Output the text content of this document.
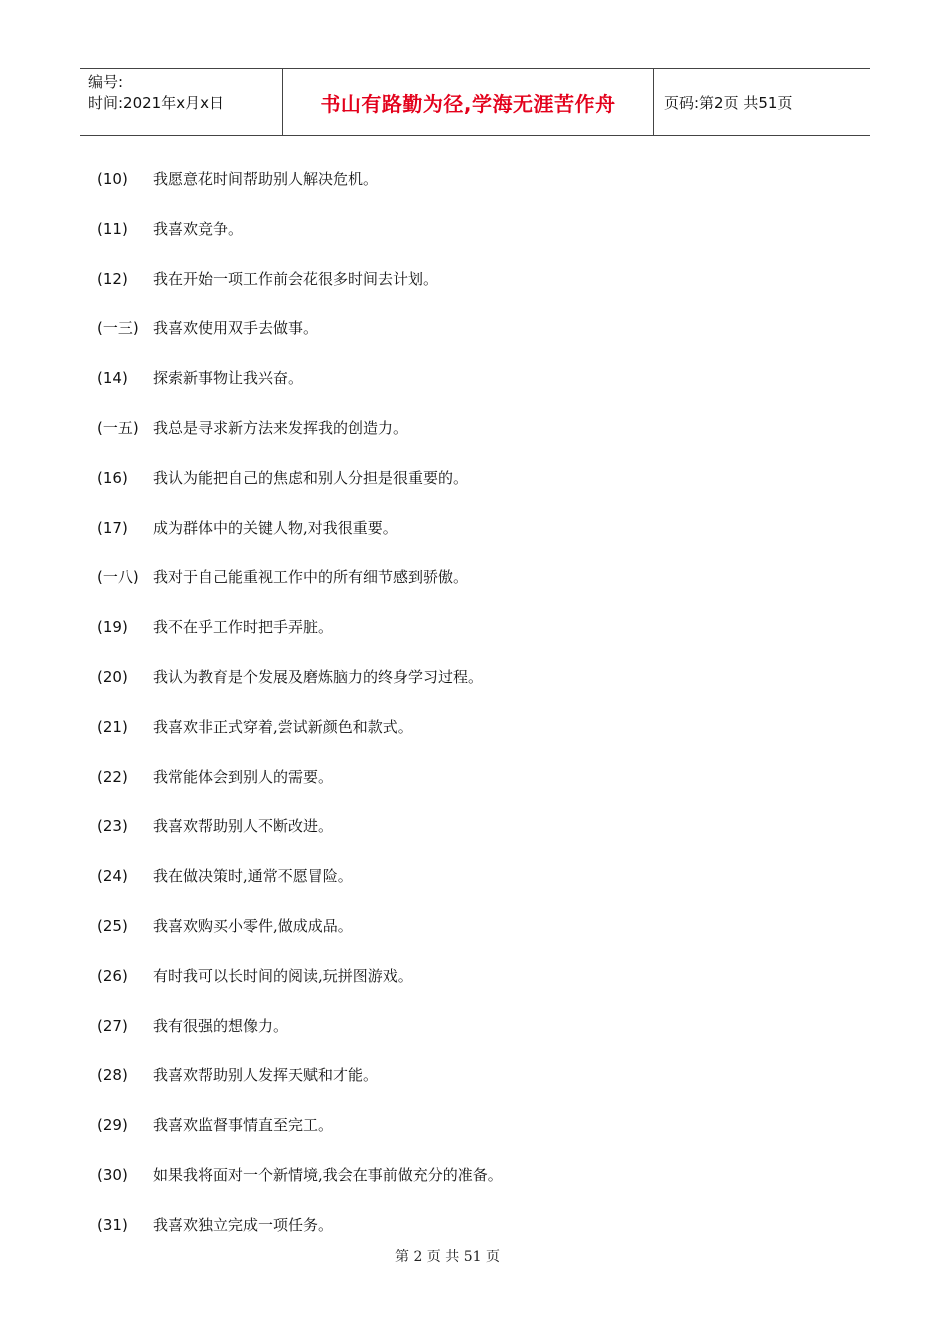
编号:
时间:2021年x月x日	书山有路勤为径,学海无涯苦作舟	页码:第2页 共51页
(10)	我愿意花时间帮助别人解决危机。
(11)	我喜欢竞争。
(12)	我在开始一项工作前会花很多时间去计划。
(一三) 我喜欢使用双手去做事。
(14)	探索新事物让我兴奋。
(一五) 我总是寻求新方法来发挥我的创造力。
(16)	我认为能把自己的焦虑和别人分担是很重要的。
(17)	成为群体中的关键人物,对我很重要。
(一八) 我对于自己能重视工作中的所有细节感到骄傲。
(19)	我不在乎工作时把手弄脏。
(20)	我认为教育是个发展及磨炼脑力的终身学习过程。
(21)	我喜欢非正式穿着,尝试新颜色和款式。
(22)	我常能体会到别人的需要。
(23)	我喜欢帮助别人不断改进。
(24)	我在做决策时,通常不愿冒险。
(25)	我喜欢购买小零件,做成成品。
(26)	有时我可以长时间的阅读,玩拼图游戏。
(27)	我有很强的想像力。
(28)	我喜欢帮助别人发挥天赋和才能。
(29)	我喜欢监督事情直至完工。
(30)	如果我将面对一个新情境,我会在事前做充分的准备。
(31)	我喜欢独立完成一项任务。
第 2 页 共 51 页
